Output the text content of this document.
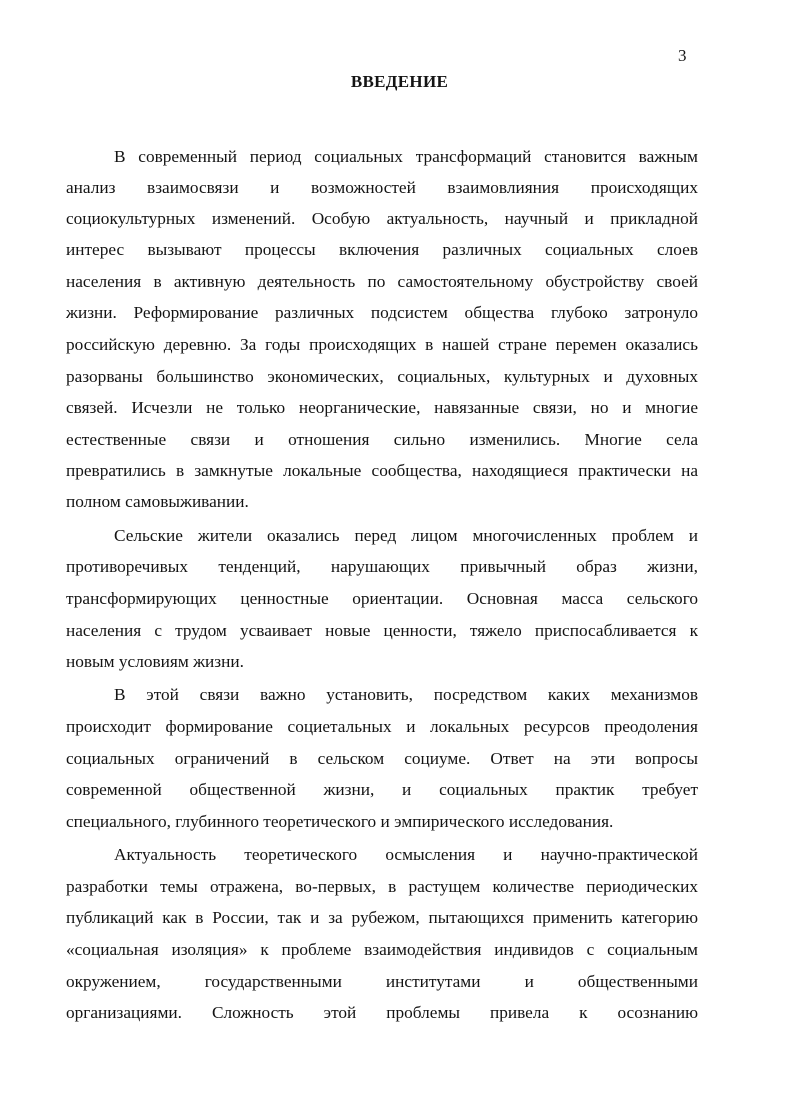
3
ВВЕДЕНИЕ
В современный период социальных трансформаций становится важным
анализ взаимосвязи и возможностей взаимовлияния происходящих
социокультурных изменений. Особую актуальность, научный и прикладной
интерес вызывают процессы включения различных социальных слоев
населения в активную деятельность по самостоятельному обустройству своей
жизни. Реформирование различных подсистем общества глубоко затронуло
российскую деревню. За годы происходящих в нашей стране перемен оказались
разорваны большинство экономических, социальных, культурных и духовных
связей. Исчезли не только неорганические, навязанные связи, но и многие
естественные связи и отношения сильно изменились. Многие села
превратились в замкнутые локальные сообщества, находящиеся практически на
полном самовыживании.
Сельские жители оказались перед лицом многочисленных проблем и
противоречивых тенденций, нарушающих привычный образ жизни,
трансформирующих ценностные ориентации. Основная масса сельского
населения с трудом усваивает новые ценности, тяжело приспосабливается к
новым условиям жизни.
В этой связи важно установить, посредством каких механизмов
происходит формирование социетальных и локальных ресурсов преодоления
социальных ограничений в сельском социуме. Ответ на эти вопросы
современной общественной жизни, и социальных практик требует
специального, глубинного теоретического и эмпирического исследования.
Актуальность теоретического осмысления и научно-практической
разработки темы отражена, во-первых, в растущем количестве периодических
публикаций как в России, так и за рубежом, пытающихся применить категорию
«социальная изоляция» к проблеме взаимодействия индивидов с социальным
окружением, государственными институтами и общественными
организациями. Сложность этой проблемы привела к осознанию
